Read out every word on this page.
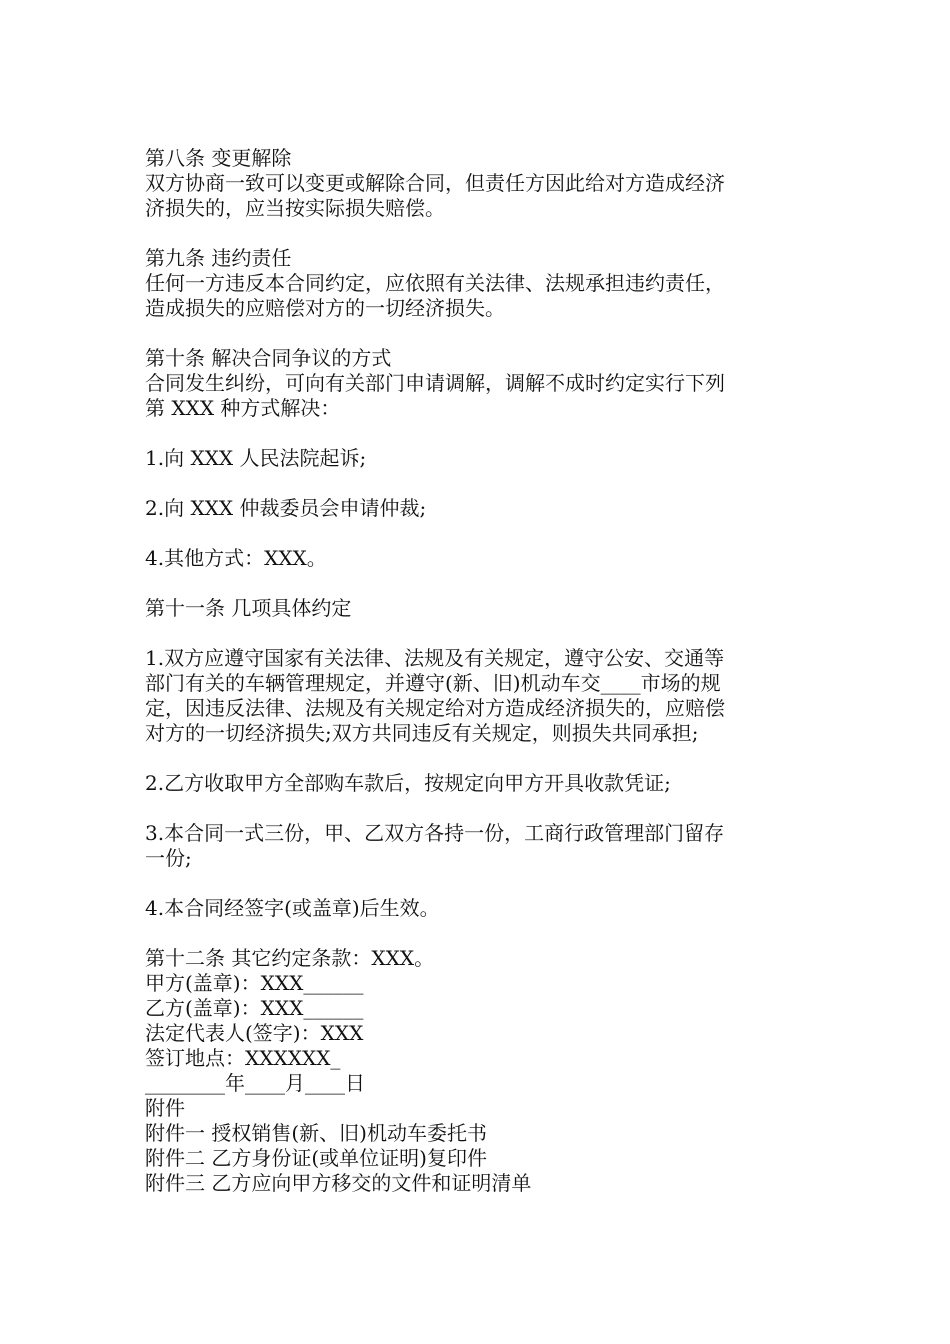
第八条 变更解除
双方协商一致可以变更或解除合同，但责任方因此给对方造成经济
济损失的，应当按实际损失赔偿。
第九条 违约责任
任何一方违反本合同约定，应依照有关法律、法规承担违约责任，
造成损失的应赔偿对方的一切经济损失。
第十条 解决合同争议的方式
合同发生纠纷，可向有关部门申请调解，调解不成时约定实行下列
第 XXX 种方式解决：
1.向 XXX 人民法院起诉;
2.向 XXX 仲裁委员会申请仲裁;
4.其他方式：XXX。
第十一条 几项具体约定
1.双方应遵守国家有关法律、法规及有关规定，遵守公安、交通等
部门有关的车辆管理规定，并遵守(新、旧)机动车交____市场的规
定，因违反法律、法规及有关规定给对方造成经济损失的，应赔偿
对方的一切经济损失;双方共同违反有关规定，则损失共同承担;
2.乙方收取甲方全部购车款后，按规定向甲方开具收款凭证;
3.本合同一式三份，甲、乙双方各持一份，工商行政管理部门留存
一份;
4.本合同经签字(或盖章)后生效。
第十二条 其它约定条款：XXX。
甲方(盖章)：XXX______
乙方(盖章)：XXX______
法定代表人(签字)：XXX
签订地点：XXXXXX_
________年____月____日
附件
附件一 授权销售(新、旧)机动车委托书
附件二 乙方身份证(或单位证明)复印件
附件三 乙方应向甲方移交的文件和证明清单
